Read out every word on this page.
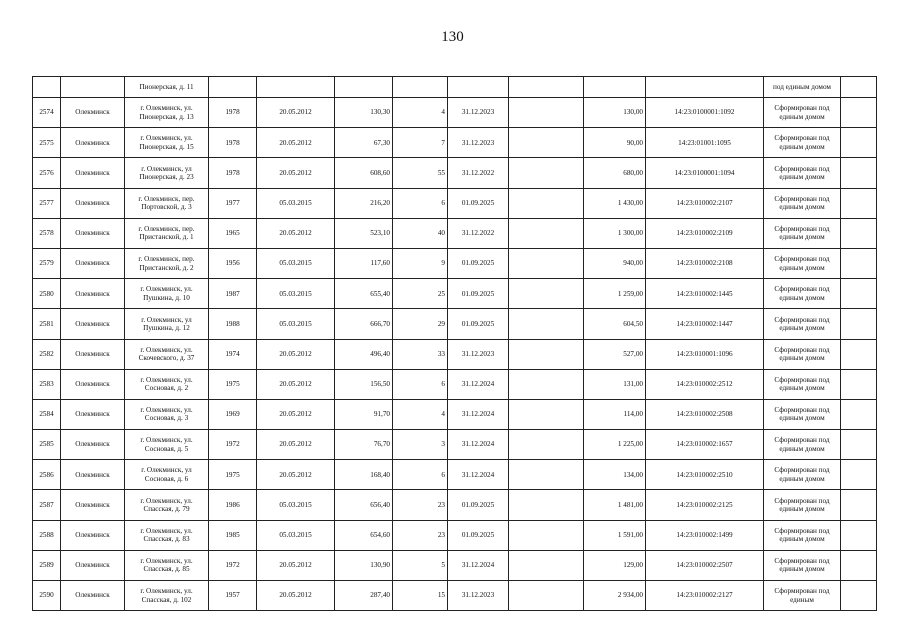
130
		Пионерская, д. 11									под единым домом	
2574	Олекминск	г. Олекминск, ул. Пионерская, д. 13	1978	20.05.2012	130,30	4	31.12.2023		130,00	14:23:0100001:1092	Сформирован под единым домом	
2575	Олекминск	г. Олекминск, ул. Пионерская, д. 15	1978	20.05.2012	67,30	7	31.12.2023		90,00	14:23:01001:1095	Сформирован под единым домом	
2576	Олекминск	г. Олекминск, ул Пионерская, д. 23	1978	20.05.2012	608,60	55	31.12.2022		680,00	14:23:0100001:1094	Сформирован под единым домом	
2577	Олекминск	г. Олекминск, пер. Портовской, д. 3	1977	05.03.2015	216,20	6	01.09.2025		1 430,00	14:23:010002:2107	Сформирован под единым домом	
2578	Олекминск	г. Олекминск, пер. Пристанской, д. 1	1965	20.05.2012	523,10	40	31.12.2022		1 300,00	14:23:010002:2109	Сформирован под единым домом	
2579	Олекминск	г. Олекминск, пер. Пристанской, д. 2	1956	05.03.2015	117,60	9	01.09.2025		940,00	14:23:010002:2108	Сформирован под единым домом	
2580	Олекминск	г. Олекминск, ул. Пушкина, д. 10	1987	05.03.2015	655,40	25	01.09.2025		1 259,00	14:23:010002:1445	Сформирован под единым домом	
2581	Олекминск	г. Олекминск, ул Пушкина, д. 12	1988	05.03.2015	666,70	29	01.09.2025		604,50	14:23:010002:1447	Сформирован под единым домом	
2582	Олекминск	г. Олекминск, ул. Скочевского, д. 37	1974	20.05.2012	496,40	33	31.12.2023		527,00	14:23:010001:1096	Сформирован под единым домом	
2583	Олекминск	г. Олекминск, ул. Сосновая, д. 2	1975	20.05.2012	156,50	6	31.12.2024		131,00	14:23:010002:2512	Сформирован под единым домом	
2584	Олекминск	г. Олекминск, ул. Сосновая, д. 3	1969	20.05.2012	91,70	4	31.12.2024		114,00	14:23:010002:2508	Сформирован под единым домом	
2585	Олекминск	г. Олекминск, ул. Сосновая, д. 5	1972	20.05.2012	76,70	3	31.12.2024		1 225,00	14:23:010002:1657	Сформирован под единым домом	
2586	Олекминск	г. Олекминск, ул Сосновая, д. 6	1975	20.05.2012	168,40	6	31.12.2024		134,00	14:23:010002:2510	Сформирован под единым домом	
2587	Олекминск	г. Олекминск, ул. Спасская, д. 79	1986	05.03.2015	656,40	23	01.09.2025		1 481,00	14:23:010002:2125	Сформирован под единым домом	
2588	Олекминск	г. Олекминск, ул. Спасская, д. 83	1985	05.03.2015	654,60	23	01.09.2025		1 591,00	14:23:010002:1499	Сформирован под единым домом	
2589	Олекминск	г. Олекминск, ул. Спасская, д. 85	1972	20.05.2012	130,90	5	31.12.2024		129,00	14:23:010002:2507	Сформирован под единым домом	
2590	Олекминск	г. Олекминск, ул. Спасская, д. 102	1957	20.05.2012	287,40	15	31.12.2023		2 934,00	14:23:010002:2127	Сформирован под единым	
